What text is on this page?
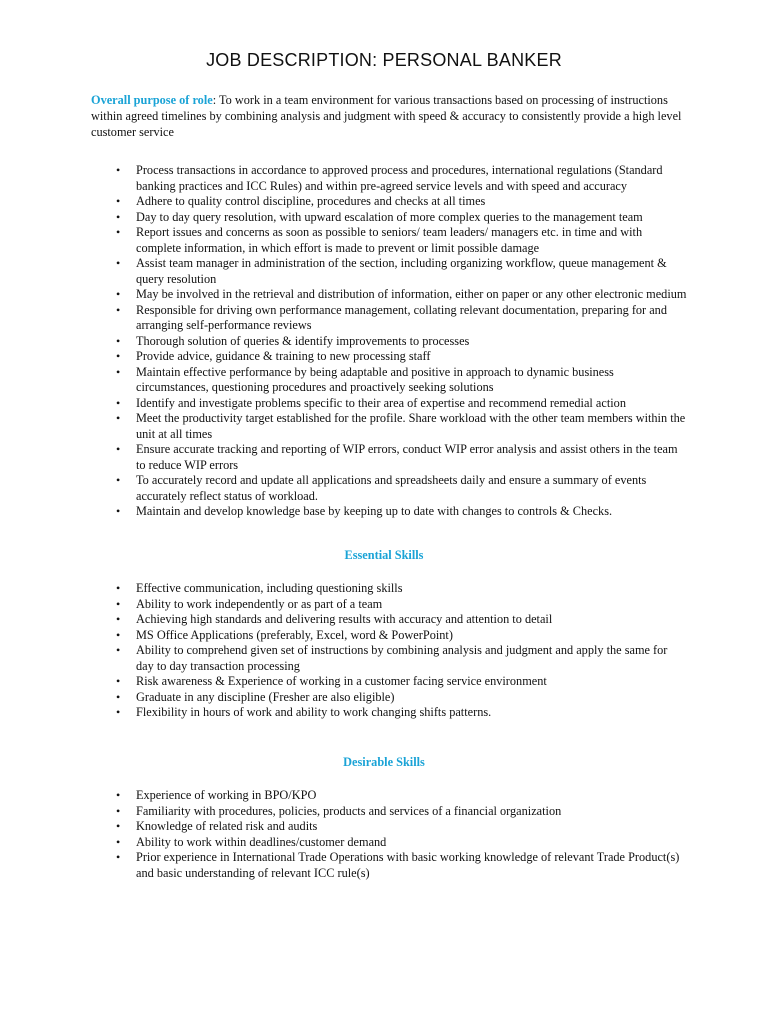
JOB DESCRIPTION: PERSONAL BANKER

Overall purpose of role: To work in a team environment for various transactions based on processing of instructions within agreed timelines by combining analysis and judgment with speed & accuracy to consistently provide a high level customer service

• Process transactions in accordance to approved process and procedures, international regulations (Standard banking practices and ICC Rules) and within pre-agreed service levels and with speed and accuracy
• Adhere to quality control discipline, procedures and checks at all times
• Day to day query resolution, with upward escalation of more complex queries to the management team
• Report issues and concerns as soon as possible to seniors/ team leaders/ managers etc. in time and with complete information, in which effort is made to prevent or limit possible damage
• Assist team manager in administration of the section, including organizing workflow, queue management & query resolution
• May be involved in the retrieval and distribution of information, either on paper or any other electronic medium
• Responsible for driving own performance management, collating relevant documentation, preparing for and arranging self-performance reviews
• Thorough solution of queries & identify improvements to processes
• Provide advice, guidance & training to new processing staff
• Maintain effective performance by being adaptable and positive in approach to dynamic business circumstances, questioning procedures and proactively seeking solutions
• Identify and investigate problems specific to their area of expertise and recommend remedial action
• Meet the productivity target established for the profile. Share workload with the other team members within the unit at all times
• Ensure accurate tracking and reporting of WIP errors, conduct WIP error analysis and assist others in the team to reduce WIP errors
• To accurately record and update all applications and spreadsheets daily and ensure a summary of events accurately reflect status of workload.
• Maintain and develop knowledge base by keeping up to date with changes to controls & Checks.
Essential Skills
• Effective communication, including questioning skills
• Ability to work independently or as part of a team
• Achieving high standards and delivering results with accuracy and attention to detail
• MS Office Applications (preferably, Excel, word & PowerPoint)
• Ability to comprehend given set of instructions by combining analysis and judgment and apply the same for day to day transaction processing
• Risk awareness & Experience of working in a customer facing service environment
• Graduate in any discipline (Fresher are also eligible)
• Flexibility in hours of work and ability to work changing shifts patterns.
Desirable Skills
• Experience of working in BPO/KPO
• Familiarity with procedures, policies, products and services of a financial organization
• Knowledge of related risk and audits
• Ability to work within deadlines/customer demand
• Prior experience in International Trade Operations with basic working knowledge of relevant Trade Product(s) and basic understanding of relevant ICC rule(s)
